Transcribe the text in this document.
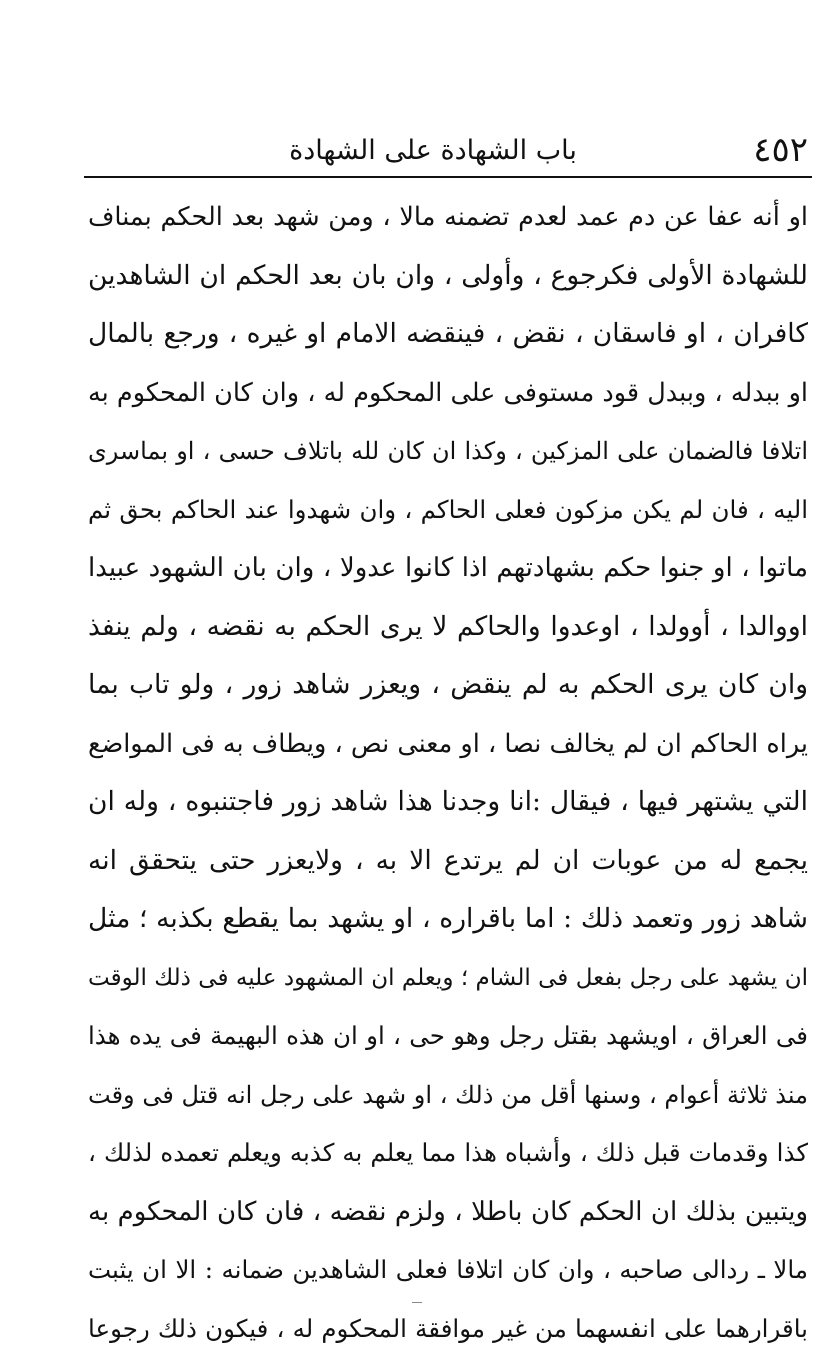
باب الشهادة على الشهادة	٤٥٢
او أنه عفا عن دم عمد لعدم تضمنه مالا ، ومن شهد بعد الحكم بمناف
للشهادة الأولى فكرجوع ، وأولى ، وان بان بعد الحكم ان الشاهدين
كافران ، او فاسقان ، نقض ، فينقضه الامام او غيره ، ورجع بالمال
او ببدله ، وببدل قود مستوفى على المحكوم له ، وان كان المحكوم به
اتلافا فالضمان على المزكين ، وكذا ان كان لله باتلاف حسى ، او بماسرى
اليه ، فان لم يكن مزكون فعلى الحاكم ، وان شهدوا عند الحاكم بحق ثم
ماتوا ، او جنوا حكم بشهادتهم اذا كانوا عدولا ، وان بان الشهود عبيدا
اووالدا ، أوولدا ، اوعدوا والحاكم لا يرى الحكم به نقضه ، ولم ينفذ
وان كان يرى الحكم به لم ينقض ، ويعزر شاهد زور ، ولو تاب بما
يراه الحاكم ان لم يخالف نصا ، او معنى نص ، ويطاف به فى المواضع
التي يشتهر فيها ، فيقال :انا وجدنا هذا شاهد زور فاجتنبوه ، وله ان
يجمع له من عوبات ان لم يرتدع الا به ، ولايعزر حتى يتحقق انه
شاهد زور وتعمد ذلك : اما باقراره ، او يشهد بما يقطع بكذبه ؛ مثل
ان يشهد على رجل بفعل فى الشام ؛ ويعلم ان المشهود عليه فى ذلك الوقت
فى العراق ، اويشهد بقتل رجل وهو حى ، او ان هذه البهيمة فى يده هذا
منذ ثلاثة أعوام ، وسنها أقل من ذلك ، او شهد على رجل انه قتل فى وقت
كذا وقدمات قبل ذلك ، وأشباه هذا مما يعلم به كذبه ويعلم تعمده لذلك ،
ويتبين بذلك ان الحكم كان باطلا ، ولزم نقضه ، فان كان المحكوم به
مالا ـ ردالى صاحبه ، وان كان اتلافا فعلى الشاهدين ضمانه : الا ان يثبت
باقرارهما على انفسهما من غير موافقة المحكوم له ، فيكون ذلك رجوعا
